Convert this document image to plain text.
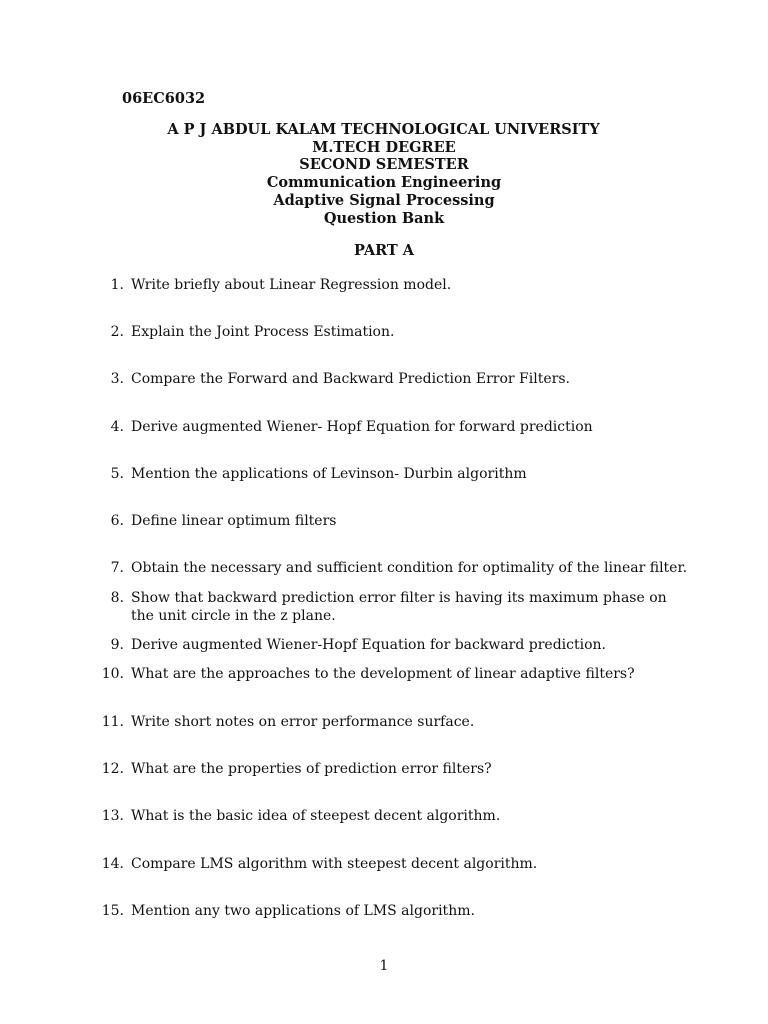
06EC6032
A P J ABDUL KALAM TECHNOLOGICAL UNIVERSITY
M.TECH DEGREE
SECOND SEMESTER
Communication Engineering
Adaptive Signal Processing
Question Bank
PART A
1. Write briefly about Linear Regression model.
2. Explain the Joint Process Estimation.
3. Compare the Forward and Backward Prediction Error Filters.
4. Derive augmented Wiener- Hopf Equation for forward prediction
5. Mention the applications of Levinson- Durbin algorithm
6. Define linear optimum filters
7. Obtain the necessary and sufficient condition for optimality of the linear filter.
8. Show that backward prediction error filter is having its maximum phase on the unit circle in the z plane.
9. Derive augmented Wiener-Hopf Equation for backward prediction.
10. What are the approaches to the development of linear adaptive filters?
11. Write short notes on error performance surface.
12. What are the properties of prediction error filters?
13. What is the basic idea of steepest decent algorithm.
14. Compare LMS algorithm with steepest decent algorithm.
15. Mention any two applications of LMS algorithm.
1
